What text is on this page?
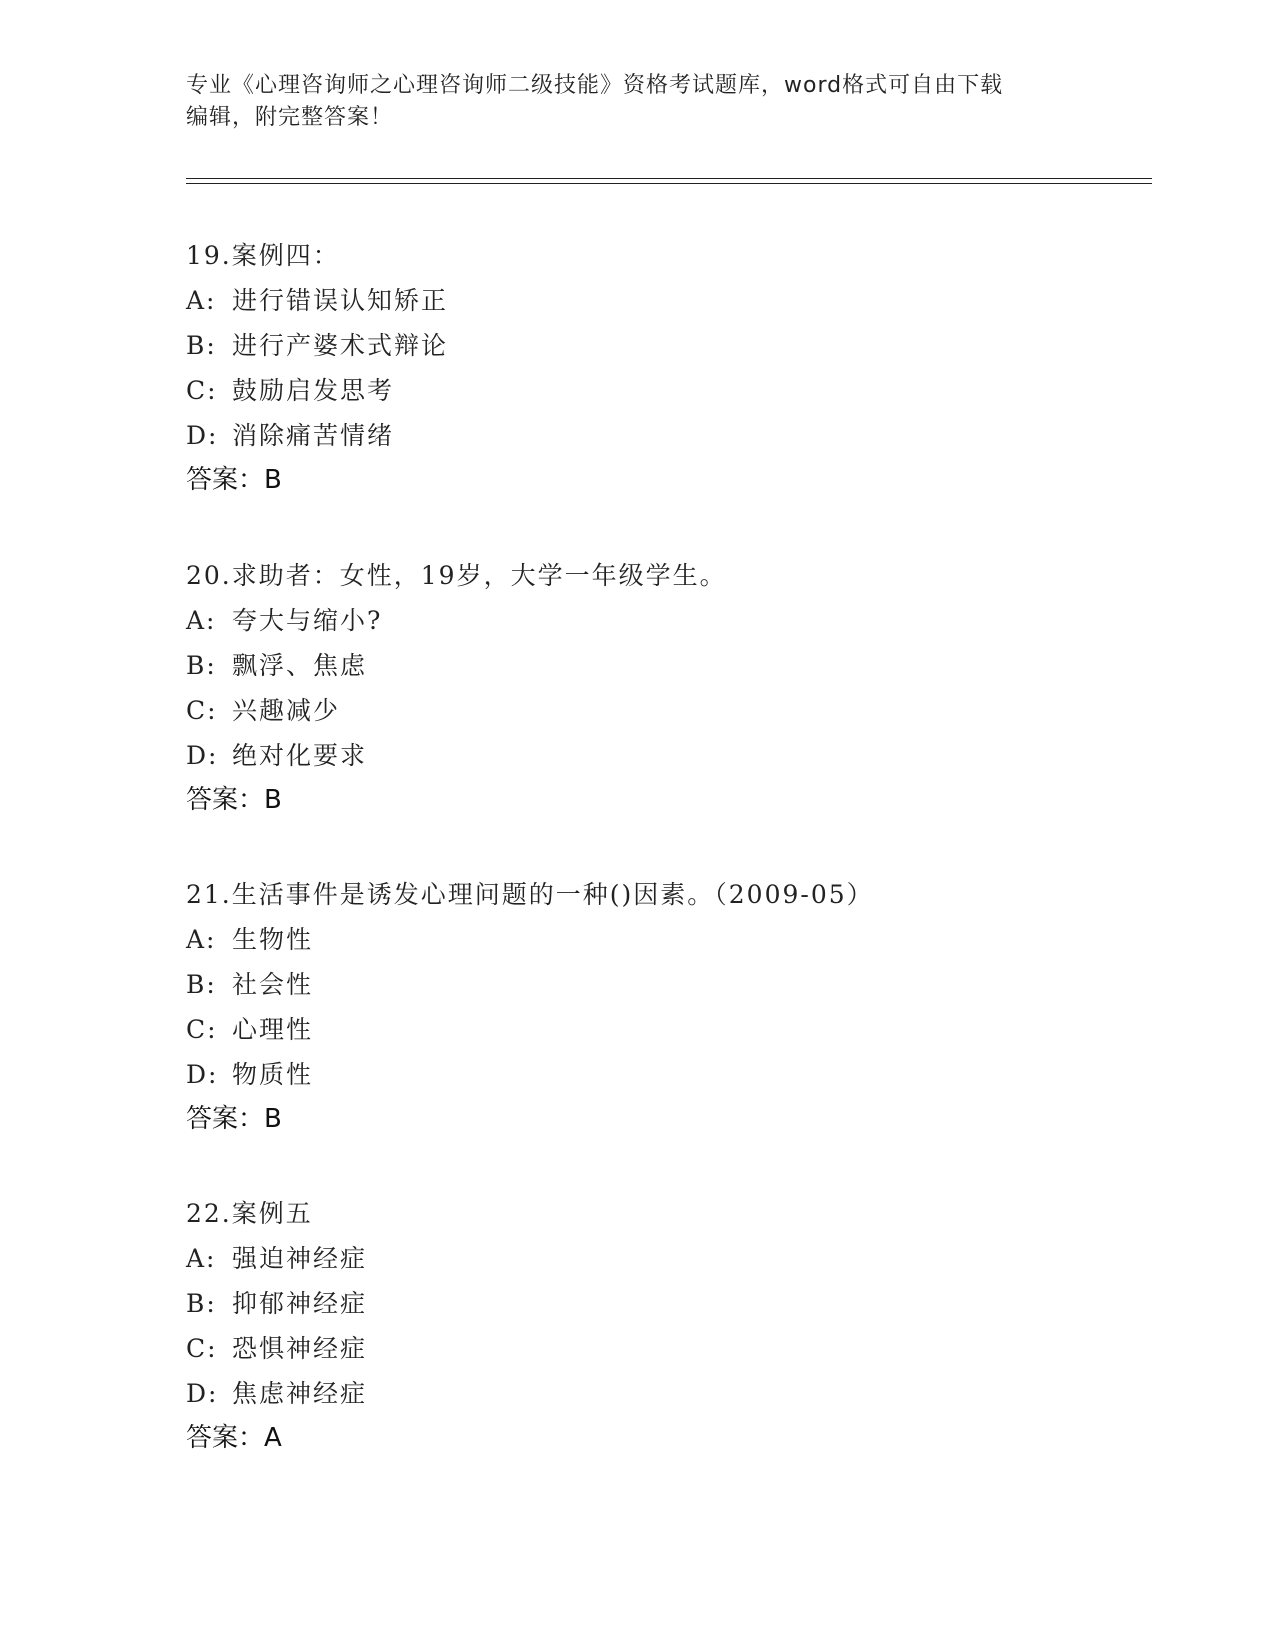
专业《心理咨询师之心理咨询师二级技能》资格考试题库，word格式可自由下载
编辑，附完整答案！
19.案例四：
A: 进行错误认知矫正
B: 进行产婆术式辩论
C: 鼓励启发思考
D: 消除痛苦情绪
答案：B
20.求助者：女性，19岁，大学一年级学生。
A: 夸大与缩小?
B: 飘浮、焦虑
C: 兴趣减少
D: 绝对化要求
答案：B
21.生活事件是诱发心理问题的一种()因素。（2009-05）
A: 生物性
B: 社会性
C: 心理性
D: 物质性
答案：B
22.案例五
A: 强迫神经症
B: 抑郁神经症
C: 恐惧神经症
D: 焦虑神经症
答案：A
